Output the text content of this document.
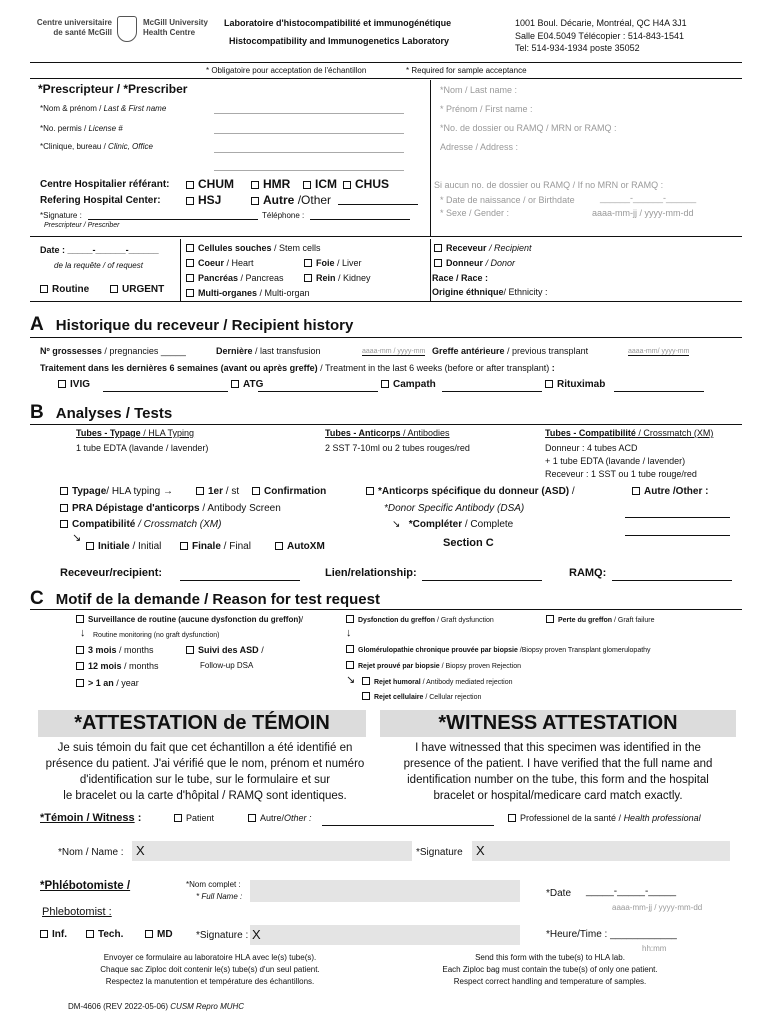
Centre universitaire de santé McGill
McGill University Health Centre
Laboratoire d'histocompatibilité et immunogénétique
Histocompatibility and Immunogenetics Laboratory
1001 Boul. Décarie, Montréal, QC H4A 3J1
Salle E04.5049 Télécopier : 514-843-1541
Tel: 514-934-1934 poste 35052
* Obligatoire pour acceptation de l'échantillon	* Required for sample acceptance
*Prescripteur / *Prescriber
*Nom & prénom / Last & First name
*No. permis / License #
*Clinique, bureau / Clinic, Office
Centre Hospitalier référant:
Refering Hospital Center:
CHUM	HMR	ICM	CHUS
HSJ	Autre /Other
*Signature :	Téléphone :
Prescripteur / Prescriber
*Nom / Last name :
* Prénom / First name :
*No. de dossier ou RAMQ / MRN or RAMQ :
Adresse / Address :
Si aucun no. de dossier ou RAMQ / If no MRN or RAMQ :
* Date de naissance / or Birthdate	______-______-______
* Sexe / Gender :	aaaa-mm-jj / yyyy-mm-dd
Date : _____-______-______
de la requête / of request
Routine	URGENT
Cellules souches / Stem cells
Coeur / Heart	Foie / Liver
Pancréas / Pancreas	Rein / Kidney
Multi-organes / Multi-organ
Receveur / Recipient
Donneur / Donor
Race / Race :
Origine éthnique/ Ethnicity :
A Historique du receveur / Recipient history
Nº grossesses / pregnancies _____	Dernière / last transfusion	aaaa-mm / yyyy-mm Greffe antérieure / previous transplant	aaaa-mm/ yyyy-mm
Traitement dans les dernières 6 semaines (avant ou après greffe) / Treatment in the last 6 weeks (before or after transplant) :
IVIG	ATG	Campath	Rituximab
B Analyses / Tests
Tubes - Typage / HLA Typing
1 tube EDTA (lavande / lavender)
Tubes - Anticorps / Antibodies
2 SST 7-10ml ou 2 tubes rouges/red
Tubes - Compatibilité / Crossmatch (XM)
Donneur : 4 tubes ACD
+ 1 tube EDTA (lavande / lavender)
Receveur : 1 SST ou 1 tube rouge/red
Typage/ HLA typing →	1er / st	Confirmation
PRA Dépistage d'anticorps / Antibody Screen
Compatibilité / Crossmatch (XM)
↘
Initiale / Initial	Finale / Final	AutoXM
*Anticorps spécifique du donneur (ASD) /
*Donor Specific Antibody (DSA)
↘ *Compléter / Complete
Section C
Autre /Other :
Receveur/recipient:	Lien/relationship:	RAMQ:
C Motif de la demande / Reason for test request
Surveillance de routine (aucune dysfonction du greffon)/
↓ Routine monitoring (no graft dysfunction)
3 mois / months	Suivi des ASD /
12 mois / months	Follow-up DSA
> 1 an / year
Dysfonction du greffon / Graft dysfunction	Perte du greffon / Graft failure
↓
Glomérulopathie chronique prouvée par biopsie /Biopsy proven Transplant glomerulopathy
Rejet prouvé par biopsie / Biopsy proven Rejection
↘	Rejet humoral / Antibody mediated rejection
Rejet cellulaire / Cellular rejection
*ATTESTATION de TÉMOIN	*WITNESS ATTESTATION
Je suis témoin du fait que cet échantillon a été identifié en
présence du patient. J'ai vérifié que le nom, prénom et numéro
d'identification sur le tube, sur le formulaire et sur
le bracelet ou la carte d'hôpital / RAMQ sont identiques.
I have witnessed that this specimen was identified in the
presence of the patient. I have verified that the full name and
identification number on the tube, this form and the hospital
bracelet or hospital/medicare card match exactly.
*Témoin / Witness :	Patient	Autre/Other :	Professionel de la santé / Health professional
*Nom / Name : X	*Signature	X
*Phlébotomiste /
Phlebotomist :
*Nom complet :
* Full Name :	*Date _____-_____-_____
aaaa-mm-jj / yyyy-mm-dd
Inf.	Tech.	MD *Signature : X	*Heure/Time : ____________
hh:mm
Envoyer ce formulaire au laboratoire HLA avec le(s) tube(s).
Chaque sac Ziploc doit contenir le(s) tube(s) d'un seul patient.
Respectez la manutention et température des échantillons.
Send this form with the tube(s) to HLA lab.
Each Ziploc bag must contain the tube(s) of only one patient.
Respect correct handling and temperature of samples.
DM-4606 (REV 2022-05-06) CUSM Repro MUHC
